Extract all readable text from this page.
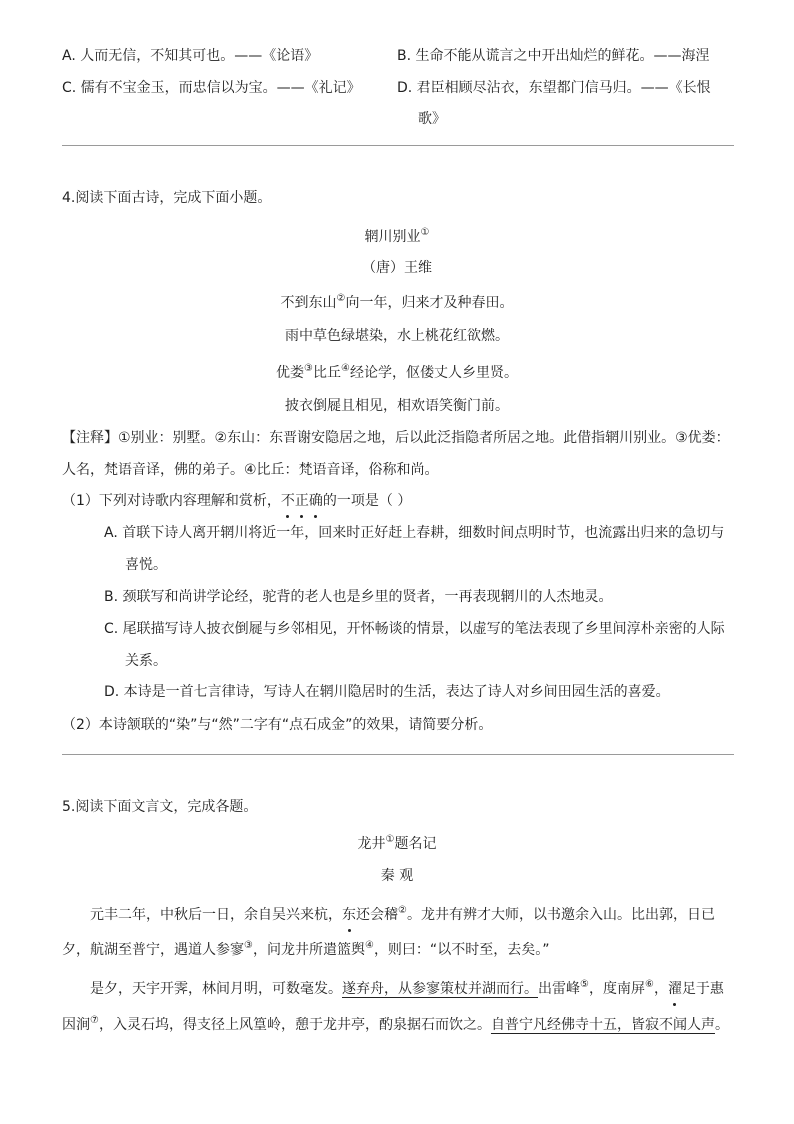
A. 人而无信，不知其可也。——《论语》	B. 生命不能从谎言之中开出灿烂的鲜花。——海涅
C. 儒有不宝金玉，而忠信以为宝。——《礼记》	D. 君臣相顾尽沾衣，东望都门信马归。——《长恨
歌》
4.阅读下面古诗，完成下面小题。
辋川别业①
（唐）王维
不到东山②向一年，归来才及种春田。
雨中草色绿堪染，水上桃花红欲燃。
优娄③比丘④经论学，伛偻丈人乡里贤。
披衣倒屣且相见，相欢语笑衡门前。
【注释】①别业：别墅。②东山：东晋谢安隐居之地，后以此泛指隐者所居之地。此借指辋川别业。③优娄：
人名，梵语音译，佛的弟子。④比丘：梵语音译，俗称和尚。
（1）下列对诗歌内容理解和赏析，不正确的一项是（ ）
A. 首联下诗人离开辋川将近一年，回来时正好赶上春耕，细数时间点明时节，也流露出归来的急切与
喜悦。
B. 颈联写和尚讲学论经，驼背的老人也是乡里的贤者，一再表现辋川的人杰地灵。
C. 尾联描写诗人披衣倒屣与乡邻相见，开怀畅谈的情景，以虚写的笔法表现了乡里间淳朴亲密的人际
关系。
D. 本诗是一首七言律诗，写诗人在辋川隐居时的生活，表达了诗人对乡间田园生活的喜爱。
（2）本诗颔联的“染”与“然”二字有“点石成金”的效果，请简要分析。
5.阅读下面文言文，完成各题。
龙井①题名记
秦 观
元丰二年，中秋后一日，余自吴兴来杭，东还会稽②。龙井有辨才大师，以书邀余入山。比出郭，日已
夕，航湖至普宁，遇道人参寥③，问龙井所遣篮舆④，则曰：“以不时至，去矣。”
是夕，天宇开霁，林间月明，可数毫发。遂弃舟，从参寥策杖并湖而行。出雷峰⑤，度南屏⑥，濯足于惠
因涧⑦，入灵石坞，得支径上风篁岭，憩于龙井亭，酌泉据石而饮之。自普宁凡经佛寺十五，皆寂不闻人声。
